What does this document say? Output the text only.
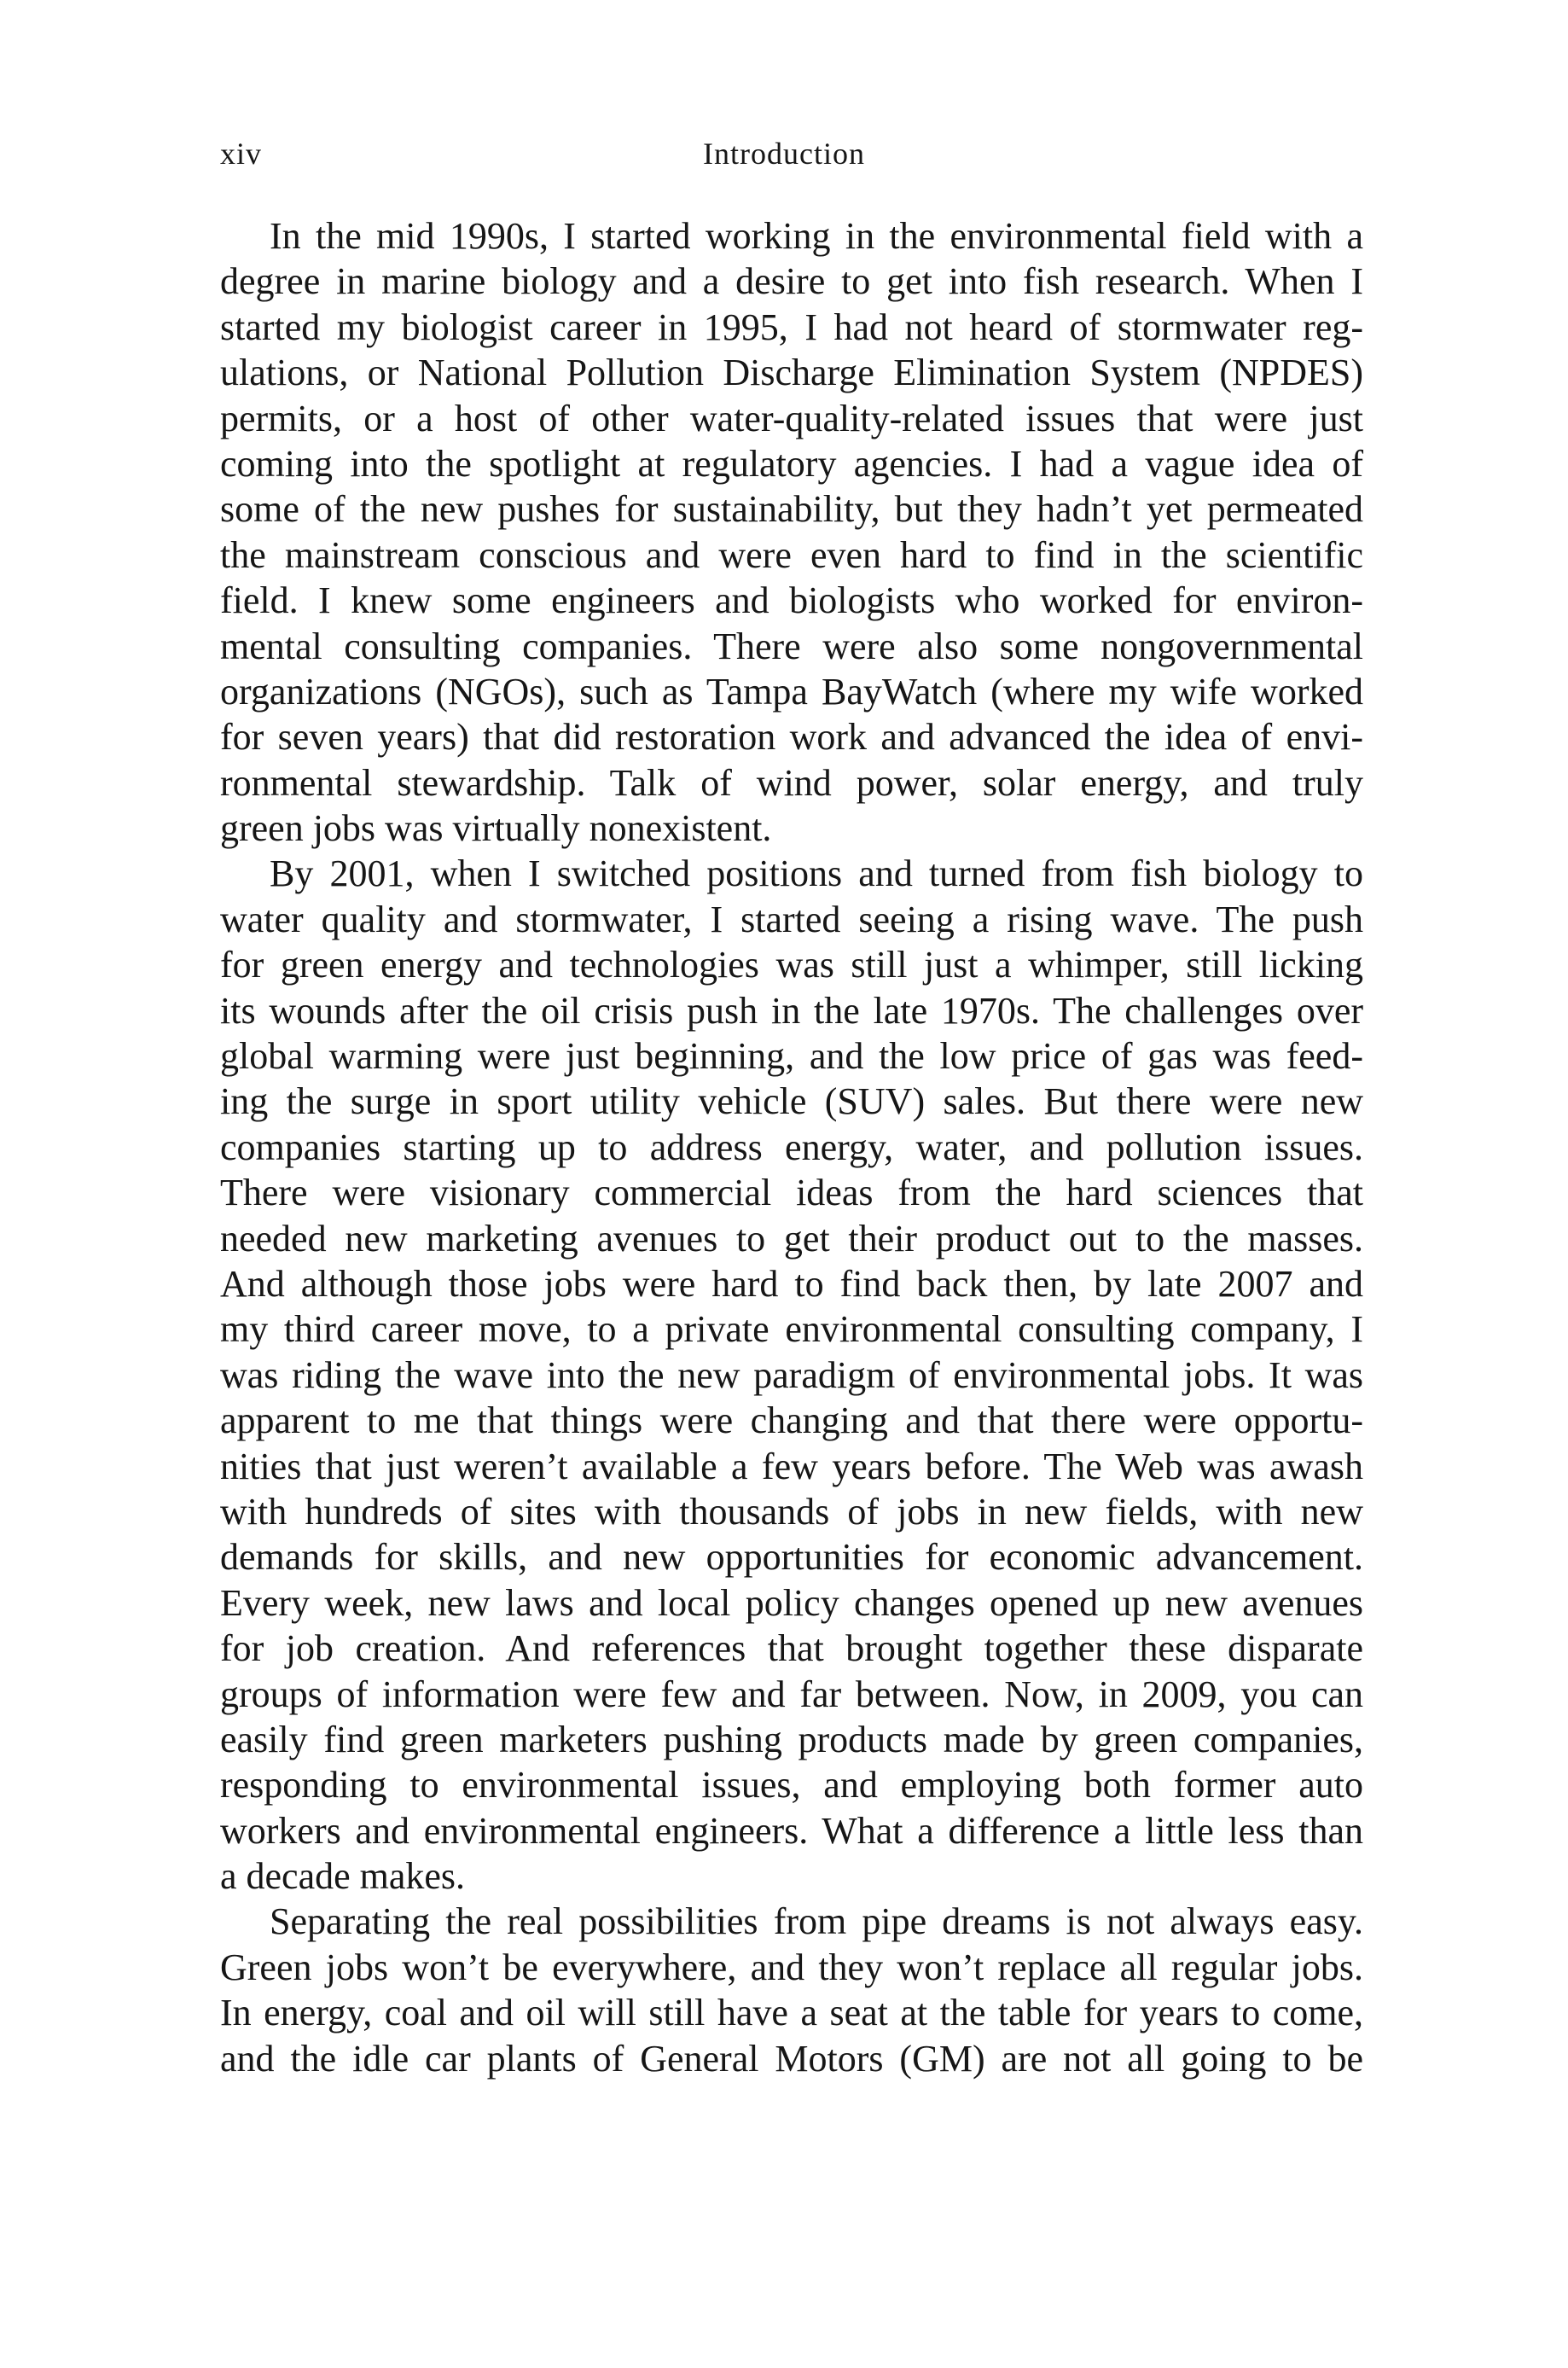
xiv	Introduction
In the mid 1990s, I started working in the environmental field with a
degree in marine biology and a desire to get into fish research. When I
started my biologist career in 1995, I had not heard of stormwater reg-
ulations, or National Pollution Discharge Elimination System (NPDES)
permits, or a host of other water-quality-related issues that were just
coming into the spotlight at regulatory agencies. I had a vague idea of
some of the new pushes for sustainability, but they hadn’t yet permeated
the mainstream conscious and were even hard to find in the scientific
field. I knew some engineers and biologists who worked for environ-
mental consulting companies. There were also some nongovernmental
organizations (NGOs), such as Tampa BayWatch (where my wife worked
for seven years) that did restoration work and advanced the idea of envi-
ronmental stewardship. Talk of wind power, solar energy, and truly
green jobs was virtually nonexistent.
By 2001, when I switched positions and turned from fish biology to
water quality and stormwater, I started seeing a rising wave. The push
for green energy and technologies was still just a whimper, still licking
its wounds after the oil crisis push in the late 1970s. The challenges over
global warming were just beginning, and the low price of gas was feed-
ing the surge in sport utility vehicle (SUV) sales. But there were new
companies starting up to address energy, water, and pollution issues.
There were visionary commercial ideas from the hard sciences that
needed new marketing avenues to get their product out to the masses.
And although those jobs were hard to find back then, by late 2007 and
my third career move, to a private environmental consulting company, I
was riding the wave into the new paradigm of environmental jobs. It was
apparent to me that things were changing and that there were opportu-
nities that just weren’t available a few years before. The Web was awash
with hundreds of sites with thousands of jobs in new fields, with new
demands for skills, and new opportunities for economic advancement.
Every week, new laws and local policy changes opened up new avenues
for job creation. And references that brought together these disparate
groups of information were few and far between. Now, in 2009, you can
easily find green marketers pushing products made by green companies,
responding to environmental issues, and employing both former auto
workers and environmental engineers. What a difference a little less than
a decade makes.
Separating the real possibilities from pipe dreams is not always easy.
Green jobs won’t be everywhere, and they won’t replace all regular jobs.
In energy, coal and oil will still have a seat at the table for years to come,
and the idle car plants of General Motors (GM) are not all going to be
